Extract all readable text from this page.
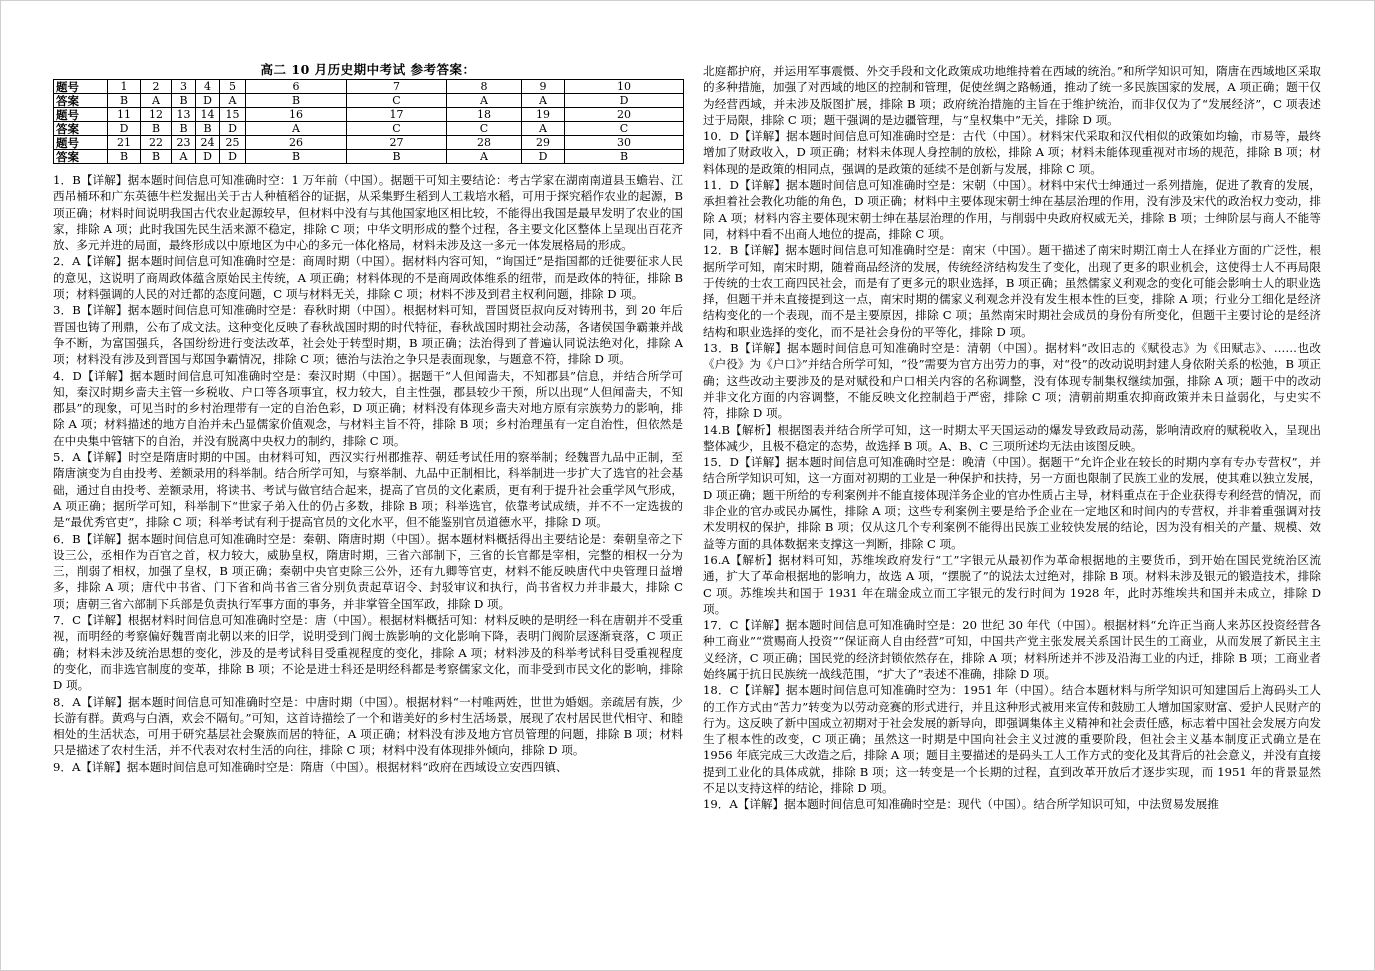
高二 10 月历史期中考试 参考答案：
题号	1	2	3	4	5	6	7	8	9	10
答案	B	A	B	D	A	B	C	A	A	D
题号	11	12	13	14	15	16	17	18	19	20
答案	D	B	B	B	D	A	C	C	A	C
题号	21	22	23	24	25	26	27	28	29	30
答案	B	B	A	D	D	B	B	A	D	B

1．B【详解】据本题时间信息可知准确时空：1 万年前（中国）。据题干可知主要结论：考古学家在湖南南道县玉蟾岩、江西吊桶环和广东英德牛栏发掘出关于古人种植稻谷的证据，从采集野生稻到人工栽培水稻，可用于探究稻作农业的起源，B 项正确；材料时间说明我国古代农业起源较早，但材料中没有与其他国家地区相比较，不能得出我国是最早发明了农业的国家，排除 A 项；此时我国先民生活来源不稳定，排除 C 项；中华文明形成的整个过程，各主要文化区整体上呈现出百花齐放、多元并进的局面，最终形成以中原地区为中心的多元一体化格局，材料未涉及这一多元一体发展格局的形成。

2．A【详解】据本题时间信息可知准确时空是：商周时期（中国）。据材料内容可知，“询国迁”是指国都的迁徙要征求人民的意见，这说明了商周政体蕴含原始民主传统，A 项正确；材料体现的不是商周政体维系的纽带，而是政体的特征，排除 B 项；材料强调的人民的对迁都的态度问题，C 项与材料无关，排除 C 项；材料不涉及到君主权利问题，排除 D 项。

3．B【详解】据本题时间信息可知准确时空是：春秋时期（中国）。根据材料可知，晋国贤臣叔向反对铸刑书，到 20 年后晋国也铸了刑鼎，公布了成文法。这种变化反映了春秋战国时期的时代特征，春秋战国时期社会动荡，各诸侯国争霸兼并战争不断，为富国强兵，各国纷纷进行变法改革，社会处于转型时期，B 项正确；法治得到了普遍认同说法绝对化，排除 A 项；材料没有涉及到晋国与郑国争霸情况，排除 C 项；德治与法治之争只是表面现象，与题意不符，排除 D 项。

4．D【详解】据本题时间信息可知准确时空是：秦汉时期（中国）。据题干“人但闻啬夫，不知郡县”信息，并结合所学可知，秦汉时期乡啬夫主管一乡税收、户口等各项事宜，权力较大，自主性强，郡县较少干预，所以出现“人但闻啬夫，不知郡县”的现象，可见当时的乡村治理带有一定的自治色彩，D 项正确；材料没有体现乡啬夫对地方原有宗族势力的影响，排除 A 项；材料描述的地方自治并未凸显儒家价值观念，与材料主旨不符，排除 B 项；乡村治理虽有一定自治性，但依然是在中央集中管辖下的自治，并没有脱离中央权力的制约，排除 C 项。

5．A【详解】时空是隋唐时期的中国。由材料可知，西汉实行州郡推荐、朝廷考试任用的察举制；经魏晋九品中正制，至隋唐演变为自由投考、差额录用的科举制。结合所学可知，与察举制、九品中正制相比，科举制进一步扩大了选官的社会基础，通过自由投考、差额录用，将读书、考试与做官结合起来，提高了官员的文化素质，更有利于提升社会重学风气形成，A 项正确；据所学可知，科举制下“世家子弟入仕的仍占多数，排除 B 项；科举选官，依靠考试成绩，并不不一定选拔的是“最优秀官吏”，排除 C 项；科举考试有利于提高官员的文化水平，但不能鉴别官员道德水平，排除 D 项。

6．B【详解】据本题时间信息可知准确时空是：秦朝、隋唐时期（中国）。据本题材料概括得出主要结论是：秦朝皇帝之下设三公，丞相作为百官之首，权力较大，威胁皇权，隋唐时期，三省六部制下，三省的长官都是宰相，完整的相权一分为三，削弱了相权，加强了皇权，B 项正确；秦朝中央官吏除三公外，还有九卿等官吏，材料不能反映唐代中央管理日益增多，排除 A 项；唐代中书省、门下省和尚书省三省分别负责起草诏令、封驳审议和执行，尚书省权力并非最大，排除 C 项；唐朝三省六部制下兵部是负责执行军事方面的事务，并非掌管全国军政，排除 D 项。

7．C【详解】根据材料时间信息可知准确时空是：唐（中国）。根据材料概括可知：材料反映的是明经一科在唐朝并不受重视，而明经的考察偏好魏晋南北朝以来的旧学，说明受到门阀士族影响的文化影响下降，表明门阀阶层逐渐衰落，C 项正确；材料未涉及统治思想的变化，涉及的是考试科目受重视程度的变化，排除 A 项；材料涉及的科举考试科目受重视程度的变化，而非选官制度的变革，排除 B 项；不论是进士科还是明经科都是考察儒家文化，而非受到市民文化的影响，排除 D 项。

8．A【详解】据本题时间信息可知准确时空是：中唐时期（中国）。根据材料“一村唯两姓，世世为婚姻。亲疏居有族，少长游有群。黄鸡与白酒，欢会不隔旬。”可知，这首诗描绘了一个和谐美好的乡村生活场景，展现了农村居民世代相守、和睦相处的生活状态，可用于研究基层社会聚族而居的特征，A 项正确；材料没有涉及地方官员管理的问题，排除 B 项；材料只是描述了农村生活，并不代表对农村生活的向往，排除 C 项；材料中没有体现排外倾向，排除 D 项。

9．A【详解】据本题时间信息可知准确时空是：隋唐（中国）。根据材料“政府在西域设立安西四镇、

北庭都护府，并运用军事震慑、外交手段和文化政策成功地维持着在西域的统治。”和所学知识可知，隋唐在西域地区采取的多种措施，加强了对西域的地区的控制和管理，促使丝绸之路畅通，推动了统一多民族国家的发展，A 项正确；题干仅为经营西域，并未涉及版图扩展，排除 B 项；政府统治措施的主旨在于维护统治，而非仅仅为了“发展经济”，C 项表述过于局限，排除 C 项；题干强调的是边疆管理，与“皇权集中”无关，排除 D 项。

10．D【详解】据本题时间信息可知准确时空是：古代（中国）。材料宋代采取和汉代相似的政策如均输，市易等，最终增加了财政收入，D 项正确；材料未体现人身控制的放松，排除 A 项；材料未能体现重视对市场的规范，排除 B 项；材料体现的是政策的相同点，强调的是政策的延续不是创新与发展，排除 C 项。

11．D【详解】据本题时间信息可知准确时空是：宋朝（中国）。材料中宋代士绅通过一系列措施，促进了教育的发展，承担着社会教化功能的角色，D 项正确；材料中主要体现宋朝士绅在基层治理的作用，没有涉及宋代的政治权力变动，排除 A 项；材料内容主要体现宋朝士绅在基层治理的作用，与削弱中央政府权威无关，排除 B 项；士绅阶层与商人不能等同，材料中看不出商人地位的提高，排除 C 项。

12．B【详解】据本题时间信息可知准确时空是：南宋（中国）。题干描述了南宋时期江南士人在择业方面的广泛性，根据所学可知，南宋时期，随着商品经济的发展，传统经济结构发生了变化，出现了更多的职业机会，这使得士人不再局限于传统的士农工商四民社会，而是有了更多元的职业选择，B 项正确；虽然儒家义利观念的变化可能会影响士人的职业选择，但题干并未直接提到这一点，南宋时期的儒家义利观念并没有发生根本性的巨变，排除 A 项；行业分工细化是经济结构变化的一个表现，而不是主要原因，排除 C 项；虽然南宋时期社会成员的身份有所变化，但题干主要讨论的是经济结构和职业选择的变化，而不是社会身份的平等化，排除 D 项。

13．B【详解】据本题时间信息可知准确时空是：清朝（中国）。据材料“改旧志的《赋役志》为《田赋志》、……也改《户役》为《户口》”并结合所学可知，“役”需要为官方出劳力的事，对“役”的改动说明封建人身依附关系的松弛，B 项正确；这些改动主要涉及的是对赋役和户口相关内容的名称调整，没有体现专制集权继续加强，排除 A 项；题干中的改动并非文化方面的内容调整，不能反映文化控制趋于严密，排除 C 项；清朝前期重农抑商政策并未日益弱化，与史实不符，排除 D 项。

14.B【解析】根据图表并结合所学可知，这一时期太平天国运动的爆发导致政局动荡，影响清政府的赋税收入，呈现出整体减少，且极不稳定的态势，故选择 B 项。A、B、C 三项所述均无法由该图反映。

15．D【详解】据本题时间信息可知准确时空是：晚清（中国）。据题干“允许企业在较长的时期内享有专办专营权”，并结合所学知识可知，这一方面对初期的工业是一种保护和扶持，另一方面也限制了民族工业的发展，使其难以独立发展，D 项正确；题干所给的专利案例并不能直接体现洋务企业的官办性质占主导，材料重点在于企业获得专利经营的情况，而非企业的官办或民办属性，排除 A 项；这些专利案例主要是给予企业在一定地区和时间内的专营权，并非着重强调对技术发明权的保护，排除 B 项；仅从这几个专利案例不能得出民族工业较快发展的结论，因为没有相关的产量、规模、效益等方面的具体数据来支撑这一判断，排除 C 项。

16.A【解析】据材料可知，苏维埃政府发行“工”字银元从最初作为革命根据地的主要货币，到开始在国民党统治区流通，扩大了革命根据地的影响力，故选 A 项，“摆脱了”的说法太过绝对，排除 B 项。材料未涉及银元的锻造技术，排除 C 项。苏维埃共和国于 1931 年在瑞金成立而工字银元的发行时间为 1928 年，此时苏维埃共和国并未成立，排除 D 项。

17．C【详解】据本题时间信息可知准确时空是：20 世纪 30 年代（中国）。根据材料“允许正当商人来苏区投资经营各种工商业”“赏赐商人投资”“保证商人自由经营”可知，中国共产党主张发展关系国计民生的工商业，从而发展了新民主主义经济，C 项正确；国民党的经济封锁依然存在，排除 A 项；材料所述并不涉及沿海工业的内迁，排除 B 项；工商业者始终属于抗日民族统一战线范围，“扩大了”表述不准确，排除 D 项。

18．C【详解】据本题时间信息可知准确时空为：1951 年（中国）。结合本题材料与所学知识可知建国后上海码头工人的工作方式由“苦力”转变为以劳动竞赛的形式进行，并且这种形式被用来宣传和鼓励工人增加国家财富、爱护人民财产的行为。这反映了新中国成立初期对于社会发展的新导向，即强调集体主义精神和社会责任感，标志着中国社会发展方向发生了根本性的改变，C 项正确；虽然这一时期是中国向社会主义过渡的重要阶段，但社会主义基本制度正式确立是在 1956 年底完成三大改造之后，排除 A 项；题目主要描述的是码头工人工作方式的变化及其背后的社会意义，并没有直接提到工业化的具体成就，排除 B 项；这一转变是一个长期的过程，直到改革开放后才逐步实现，而 1951 年的背景显然不足以支持这样的结论，排除 D 项。

19．A【详解】据本题时间信息可知准确时空是：现代（中国）。结合所学知识可知，中法贸易发展推
